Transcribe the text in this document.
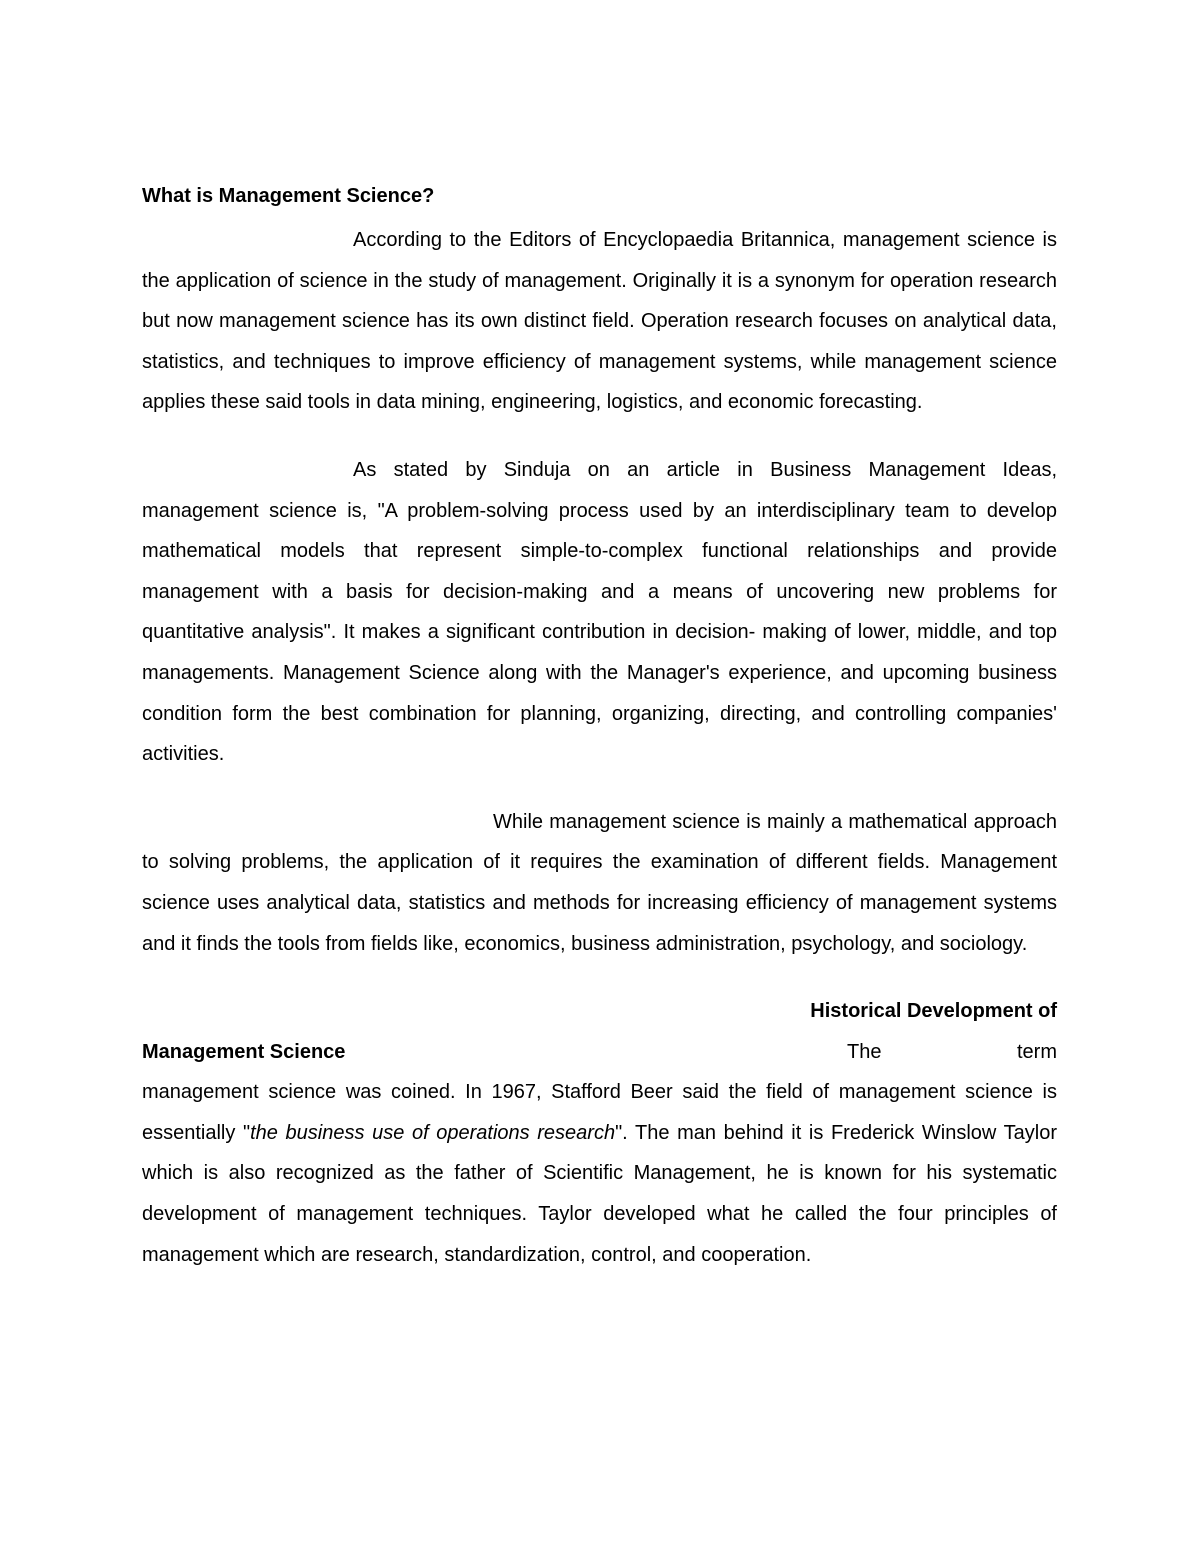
What is Management Science?

According to the Editors of Encyclopaedia Britannica, management science is the application of science in the study of management. Originally it is a synonym for operation research but now management science has its own distinct field. Operation research focuses on analytical data, statistics, and techniques to improve efficiency of management systems, while management science applies these said tools in data mining, engineering, logistics, and economic forecasting.

As stated by Sinduja on an article in Business Management Ideas, management science is, "A problem-solving process used by an interdisciplinary team to develop mathematical models that represent simple-to-complex functional relationships and provide management with a basis for decision-making and a means of uncovering new problems for quantitative analysis". It makes a significant contribution in decision- making of lower, middle, and top managements. Management Science along with the Manager's experience, and upcoming business condition form the best combination for planning, organizing, directing, and controlling companies' activities.

While management science is mainly a mathematical approach to solving problems, the application of it requires the examination of different fields. Management science uses analytical data, statistics and methods for increasing efficiency of management systems and it finds the tools from fields like, economics, business administration, psychology, and sociology.

Historical Development of
Management Science	The	term

management science was coined. In 1967, Stafford Beer said the field of management science is essentially "the business use of operations research". The man behind it is Frederick Winslow Taylor which is also recognized as the father of Scientific Management, he is known for his systematic development of management techniques. Taylor developed what he called the four principles of management which are research, standardization, control, and cooperation.
